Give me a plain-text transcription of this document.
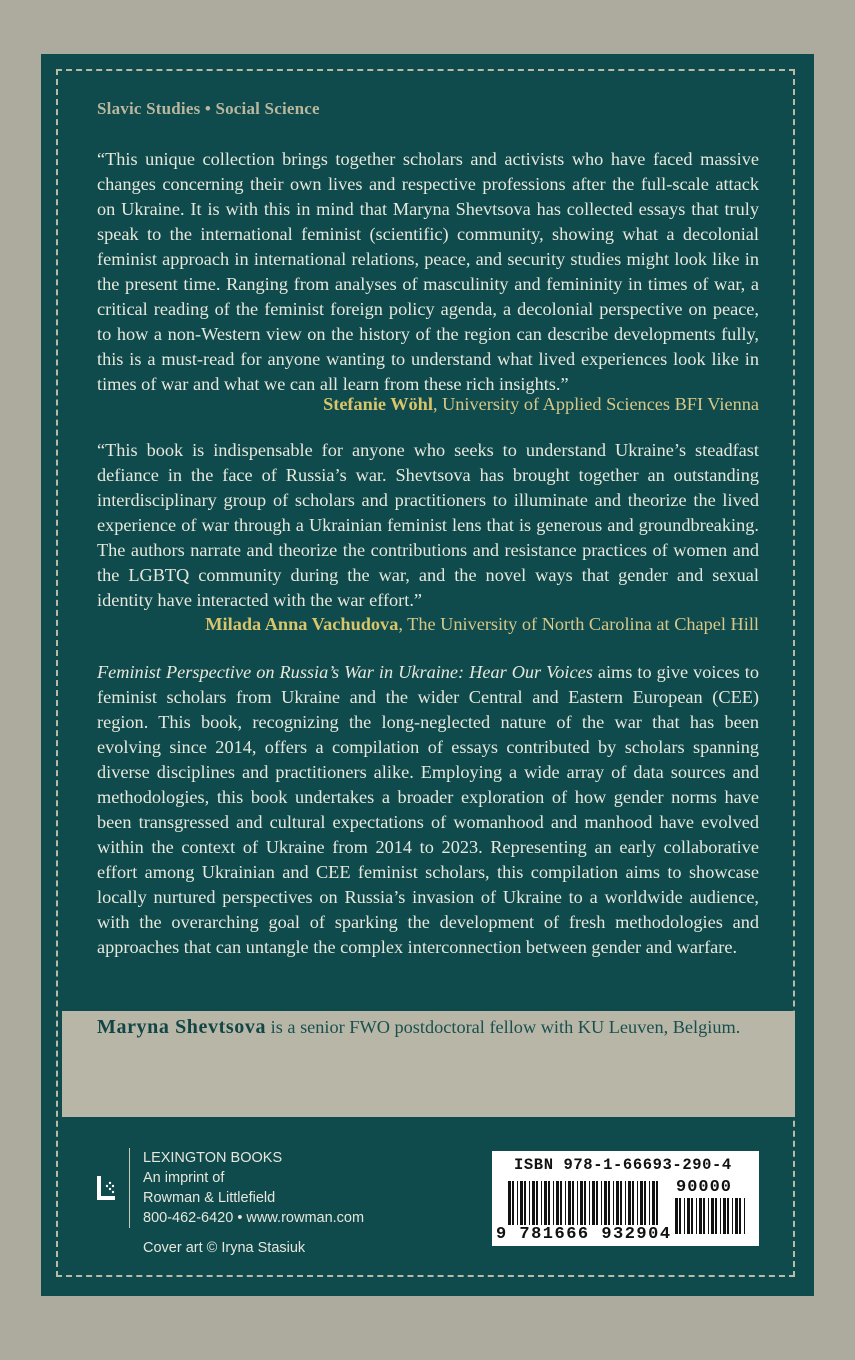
Slavic Studies • Social Science
“This unique collection brings together scholars and activists who have faced massive changes concerning their own lives and respective professions after the full-scale attack on Ukraine. It is with this in mind that Maryna Shevtsova has collected essays that truly speak to the international feminist (scientific) community, showing what a decolonial feminist approach in international relations, peace, and security studies might look like in the present time. Ranging from analyses of masculinity and femininity in times of war, a critical reading of the feminist foreign policy agenda, a decolonial perspective on peace, to how a non-Western view on the history of the region can describe developments fully, this is a must-read for anyone wanting to understand what lived experiences look like in times of war and what we can all learn from these rich insights.”
Stefanie Wöhl, University of Applied Sciences BFI Vienna
“This book is indispensable for anyone who seeks to understand Ukraine’s steadfast defiance in the face of Russia’s war. Shevtsova has brought together an outstanding interdisciplinary group of scholars and practitioners to illuminate and theorize the lived experience of war through a Ukrainian feminist lens that is generous and groundbreaking. The authors narrate and theorize the contributions and resistance practices of women and the LGBTQ community during the war, and the novel ways that gender and sexual identity have interacted with the war effort.”
Milada Anna Vachudova, The University of North Carolina at Chapel Hill
Feminist Perspective on Russia’s War in Ukraine: Hear Our Voices aims to give voices to feminist scholars from Ukraine and the wider Central and Eastern European (CEE) region. This book, recognizing the long-neglected nature of the war that has been evolving since 2014, offers a compilation of essays contributed by scholars spanning diverse disciplines and practitioners alike. Employing a wide array of data sources and methodologies, this book undertakes a broader exploration of how gender norms have been transgressed and cultural expectations of womanhood and manhood have evolved within the context of Ukraine from 2014 to 2023. Representing an early collaborative effort among Ukrainian and CEE feminist scholars, this compilation aims to showcase locally nurtured perspectives on Russia’s invasion of Ukraine to a worldwide audience, with the overarching goal of sparking the development of fresh methodologies and approaches that can untangle the complex interconnection between gender and warfare.
Maryna Shevtsova is a senior FWO postdoctoral fellow with KU Leuven, Belgium.
LEXINGTON BOOKS
An imprint of
Rowman & Littlefield
800-462-6420 • www.rowman.com
Cover art © Iryna Stasiuk
ISBN 978-1-66693-290-4
90000
9 781666 932904
